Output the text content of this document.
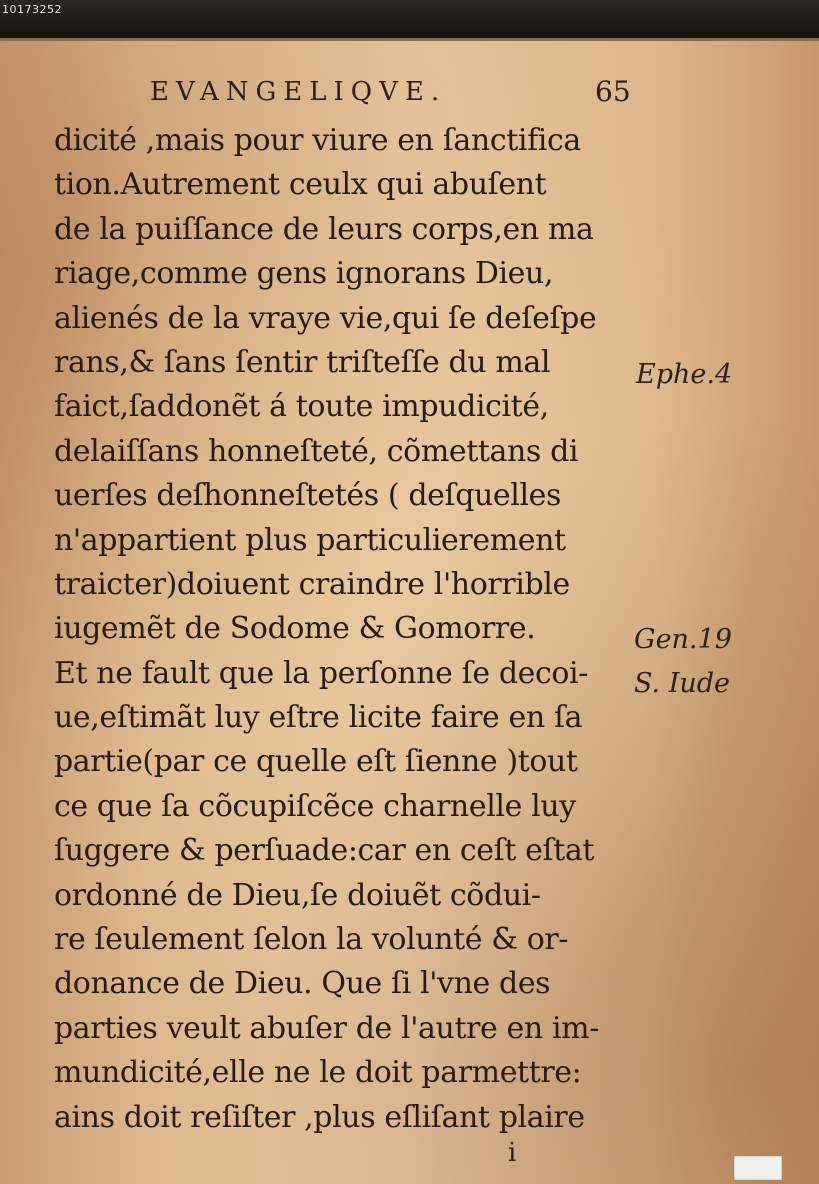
10173252
EVANGELIQVE.	65
dicité ,mais pour viure en ſanctifica
tion.Autrement ceulx qui abuſent
de la puiſſance de leurs corps,en ma
riage,comme gens ignorans Dieu,
alienés de la vraye vie,qui ſe deſeſpe
rans,& ſans ſentir triſteſſe du mal
faict,ſaddonẽt á toute impudicité,
delaiſſans honneſteté, cõmettans di
uerſes deſhonneſtetés ( deſquelles
n'appartient plus particulierement
traicter)doiuent craindre l'horrible
iugemẽt de Sodome & Gomorre.
Et ne fault que la perſonne ſe decoi-
ue,eſtimãt luy eſtre licite faire en ſa
partie(par ce quelle eſt ſienne )tout
ce que ſa cõcupiſcẽce charnelle luy
ſuggere & perſuade:car en ceſt eſtat
ordonné de Dieu,ſe doiuẽt cõdui-
re ſeulement ſelon la volunté & or-
donance de Dieu. Que ſi l'vne des
parties veult abuſer de l'autre en im-
mundicité,elle ne le doit parmettre:
ains doit reſiſter ,plus eſliſant plaire
Ephe.4
Gen.19
S. Iude
i
